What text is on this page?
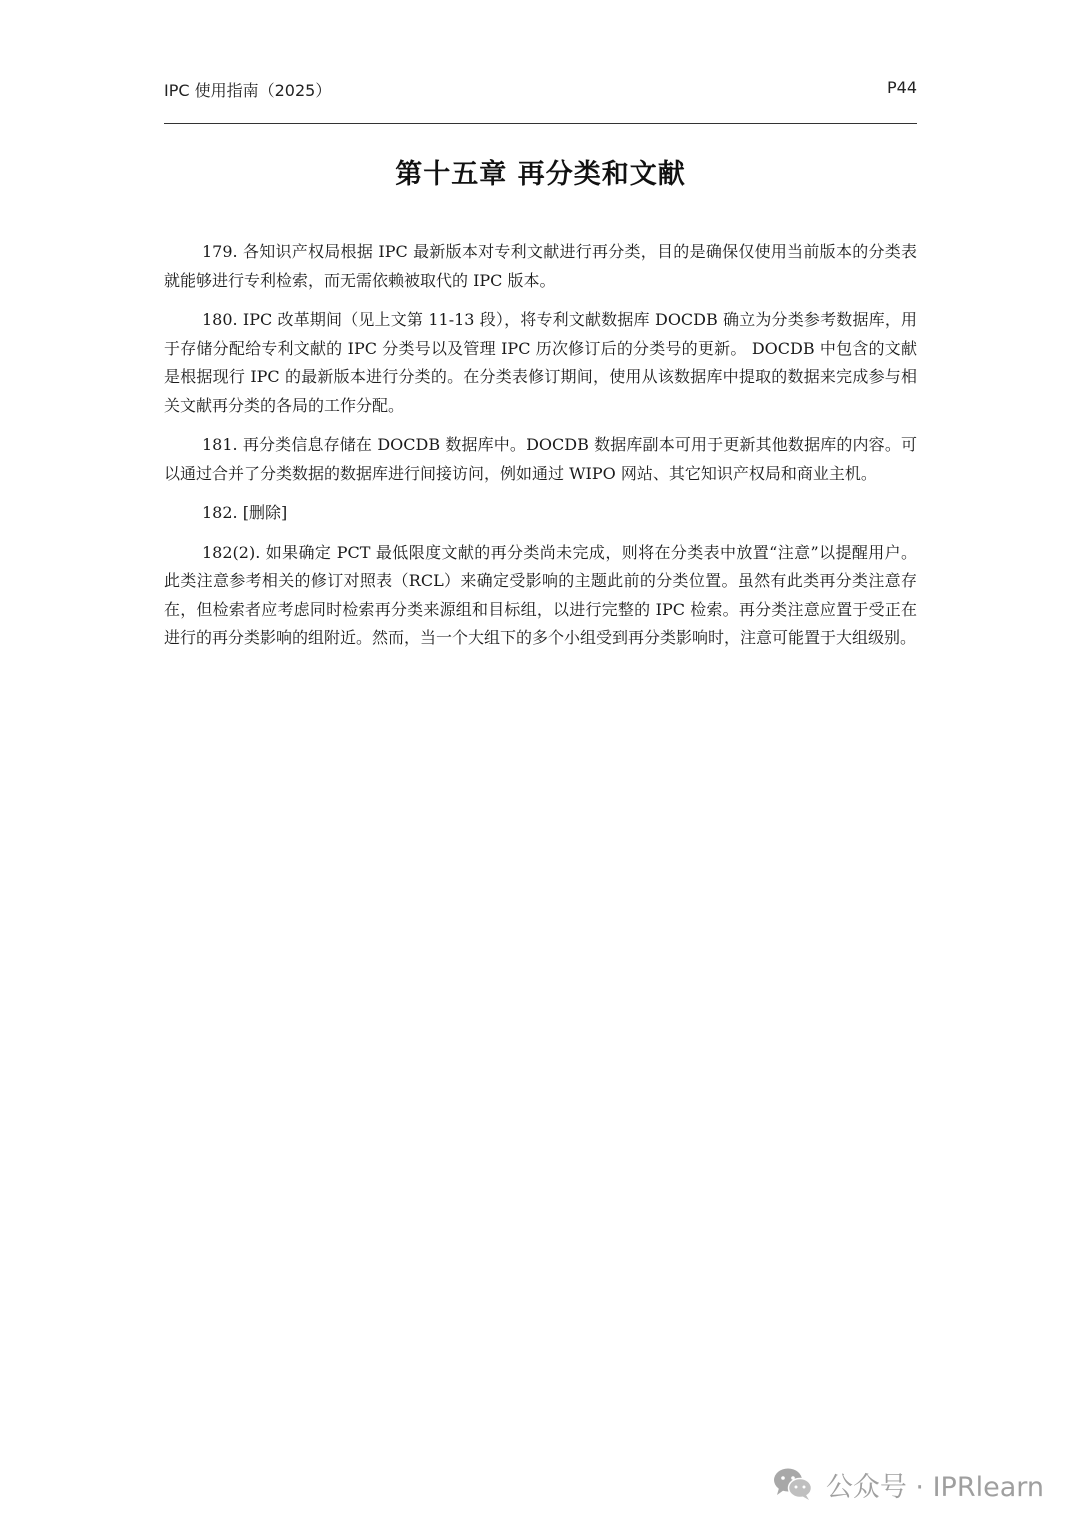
IPC 使用指南（2025）	P44
第十五章 再分类和文献

179. 各知识产权局根据 IPC 最新版本对专利文献进行再分类，目的是确保仅使用当前版本的分类表就能够进行专利检索，而无需依赖被取代的 IPC 版本。

180. IPC 改革期间（见上文第 11-13 段），将专利文献数据库 DOCDB 确立为分类参考数据库，用于存储分配给专利文献的 IPC 分类号以及管理 IPC 历次修订后的分类号的更新。 DOCDB 中包含的文献是根据现行 IPC 的最新版本进行分类的。在分类表修订期间，使用从该数据库中提取的数据来完成参与相关文献再分类的各局的工作分配。

181. 再分类信息存储在 DOCDB 数据库中。DOCDB 数据库副本可用于更新其他数据库的内容。可以通过合并了分类数据的数据库进行间接访问，例如通过 WIPO 网站、其它知识产权局和商业主机。

182. [删除]

182(2). 如果确定 PCT 最低限度文献的再分类尚未完成，则将在分类表中放置“注意”以提醒用户。此类注意参考相关的修订对照表（RCL）来确定受影响的主题此前的分类位置。虽然有此类再分类注意存在，但检索者应考虑同时检索再分类来源组和目标组，以进行完整的 IPC 检索。再分类注意应置于受正在进行的再分类影响的组附近。然而，当一个大组下的多个小组受到再分类影响时，注意可能置于大组级别。

公众号 · IPRlearn
